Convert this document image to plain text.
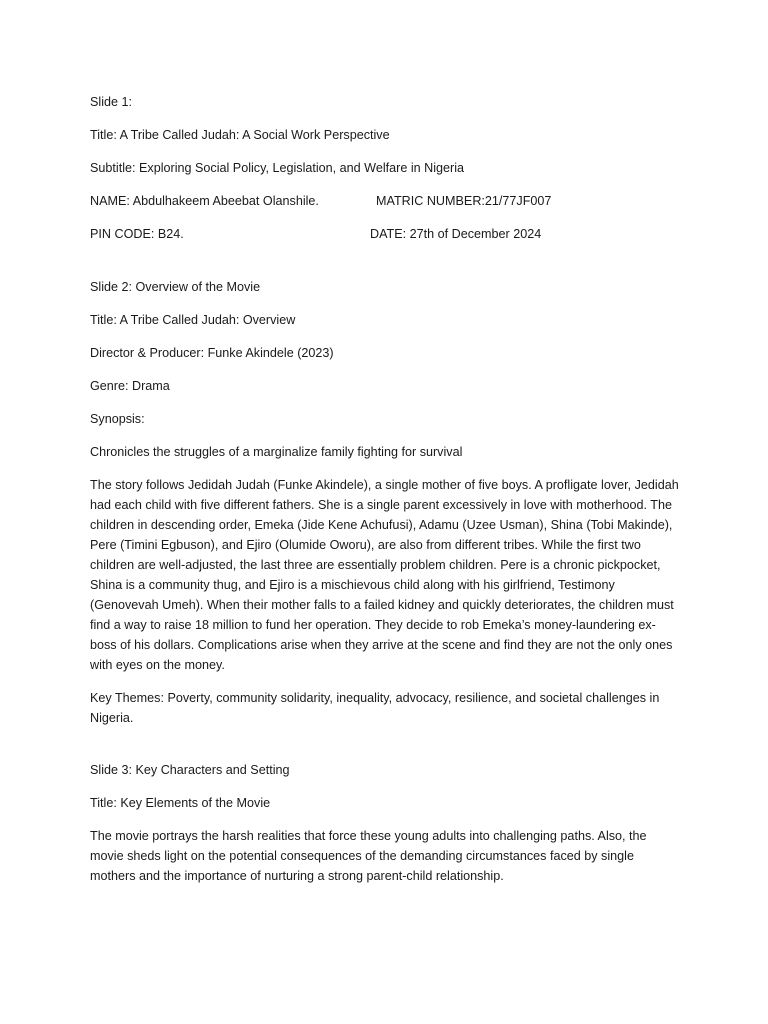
Slide 1:

Title: A Tribe Called Judah: A Social Work Perspective

Subtitle: Exploring Social Policy, Legislation, and Welfare in Nigeria

NAME: Abdulhakeem Abeebat Olanshile.	MATRIC NUMBER:21/77JF007
PIN CODE: B24.	DATE: 27th of December 2024

Slide 2: Overview of the Movie

Title: A Tribe Called Judah: Overview

Director & Producer: Funke Akindele (2023)

Genre: Drama

Synopsis:

Chronicles the struggles of a marginalize family fighting for survival

The story follows Jedidah Judah (Funke Akindele), a single mother of five boys. A profligate lover, Jedidah had each child with five different fathers. She is a single parent excessively in love with motherhood. The children in descending order, Emeka (Jide Kene Achufusi), Adamu (Uzee Usman), Shina (Tobi Makinde), Pere (Timini Egbuson), and Ejiro (Olumide Oworu), are also from different tribes. While the first two children are well-adjusted, the last three are essentially problem children. Pere is a chronic pickpocket, Shina is a community thug, and Ejiro is a mischievous child along with his girlfriend, Testimony (Genovevah Umeh). When their mother falls to a failed kidney and quickly deteriorates, the children must find a way to raise 18 million to fund her operation. They decide to rob Emeka’s money-laundering ex-boss of his dollars. Complications arise when they arrive at the scene and find they are not the only ones with eyes on the money.

Key Themes: Poverty, community solidarity, inequality, advocacy, resilience, and societal challenges in Nigeria.

Slide 3: Key Characters and Setting

Title: Key Elements of the Movie

The movie portrays the harsh realities that force these young adults into challenging paths. Also, the movie sheds light on the potential consequences of the demanding circumstances faced by single mothers and the importance of nurturing a strong parent-child relationship.
